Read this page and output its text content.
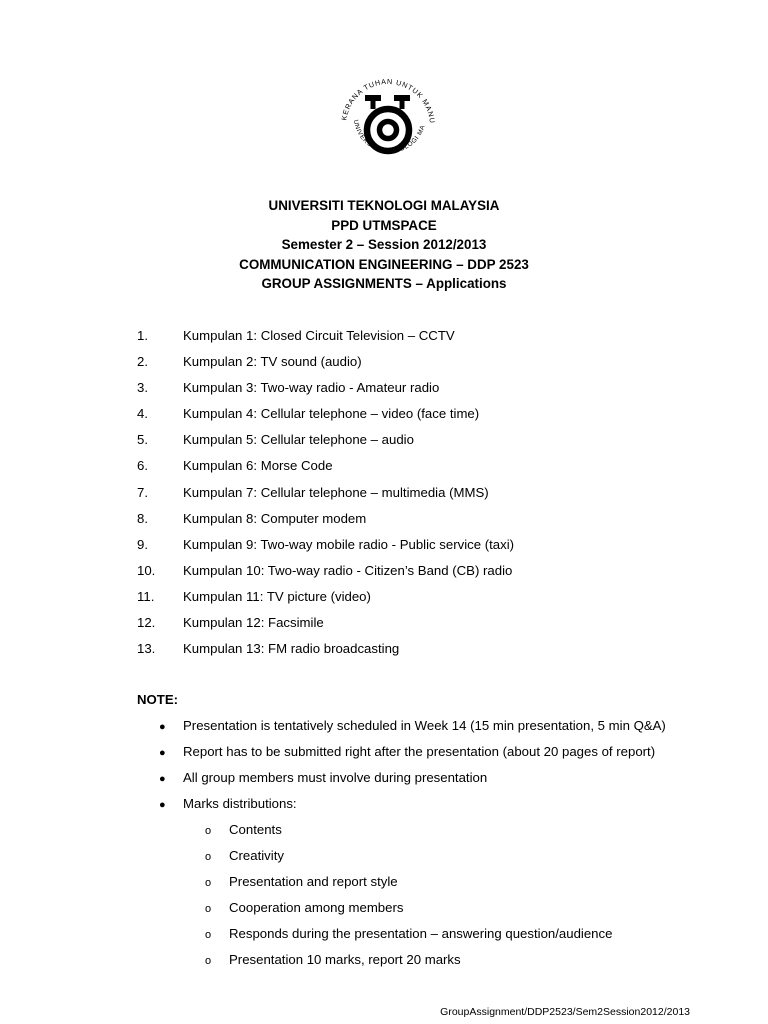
KERANA TUHAN UNTUK MANU
UNIVERSITI TEKNOLOGI MA
UNIVERSITI TEKNOLOGI MALAYSIA
PPD UTMSPACE
Semester 2 – Session 2012/2013
COMMUNICATION ENGINEERING – DDP 2523
GROUP ASSIGNMENTS – Applications
1.	Kumpulan 1: Closed Circuit Television – CCTV
2.	Kumpulan 2: TV sound (audio)
3.	Kumpulan 3: Two-way radio - Amateur radio
4.	Kumpulan 4: Cellular telephone – video (face time)
5.	Kumpulan 5: Cellular telephone – audio
6.	Kumpulan 6: Morse Code
7.	Kumpulan 7: Cellular telephone – multimedia (MMS)
8.	Kumpulan 8: Computer modem
9.	Kumpulan 9: Two-way mobile radio - Public service (taxi)
10. Kumpulan 10: Two-way radio - Citizen’s Band (CB) radio
11. Kumpulan 11: TV picture (video)
12. Kumpulan 12: Facsimile
13. Kumpulan 13: FM radio broadcasting
NOTE:
● Presentation is tentatively scheduled in Week 14 (15 min presentation, 5 min Q&A)
● Report has to be submitted right after the presentation (about 20 pages of report)
● All group members must involve during presentation
● Marks distributions:
o Contents
o Creativity
o Presentation and report style
o Cooperation among members
o Responds during the presentation – answering question/audience
o Presentation 10 marks, report 20 marks
GroupAssignment/DDP2523/Sem2Session2012/2013
